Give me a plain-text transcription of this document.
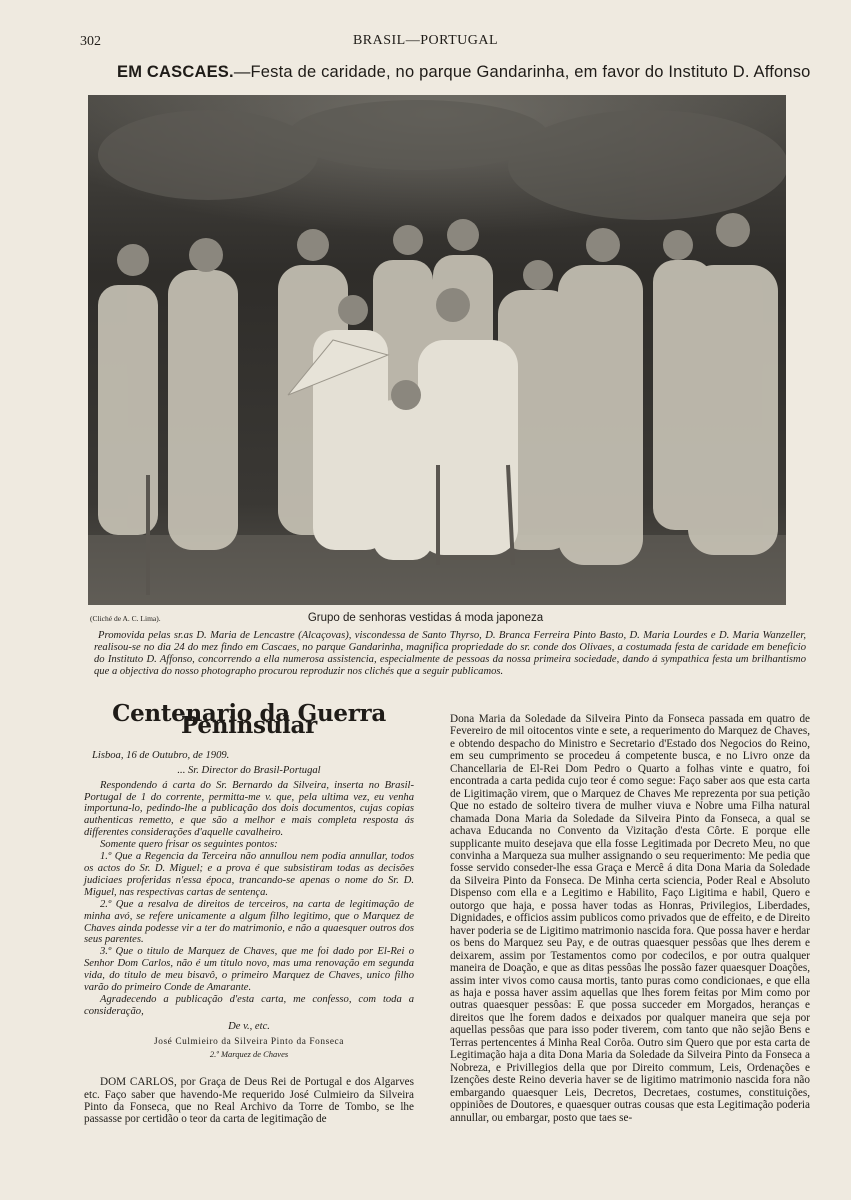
302	BRASIL—PORTUGAL
EM CASCAES.—Festa de caridade, no parque Gandarinha, em favor do Instituto D. Affonso
(Cliché de A. C. Lima).	Grupo de senhoras vestidas á moda japoneza

Promovida pelas sr.as D. Maria de Lencastre (Alcaçovas), viscondessa de Santo Thyrso, D. Branca Ferreira Pinto Basto, D. Maria Lourdes e D. Maria Wanzeller, realisou-se no dia 24 do mez findo em Cascaes, no parque Gandarinha, magnifica propriedade do sr. conde dos Olivaes, a costumada festa de caridade em beneficio do Instituto D. Affonso, concorrendo a ella numerosa assistencia, especialmente de pessoas da nossa primeira sociedade, dando á sympathica festa um brilhantismo que a objectiva do nosso photographo procurou reproduzir nos clichés que a seguir publicamos.

Centenario da Guerra Peninsular

Lisboa, 16 de Outubro, de 1909.

... Sr. Director do Brasil-Portugal

Respondendo á carta do Sr. Bernardo da Silveira, inserta no Brasil-Portugal de 1 do corrente, permitta-me v. que, pela ultima vez, eu venha importuna-lo, pedindo-lhe a publicação dos dois documentos, cujas copias authenticas remetto, e que são a melhor e mais completa resposta ás differentes considerações d'aquelle cavalheiro.

Somente quero frisar os seguintes pontos:

1.º Que a Regencia da Terceira não annullou nem podia annullar, todos os actos do Sr. D. Miguel; e a prova é que subsistiram todas as decisões judiciaes proferidas n'essa época, trancando-se apenas o nome do Sr. D. Miguel, nas respectivas cartas de sentença.

2.º Que a resalva de direitos de terceiros, na carta de legitimação de minha avó, se refere unicamente a algum filho legitimo, que o Marquez de Chaves ainda podesse vir a ter do matrimonio, e não a quaesquer outros dos seus parentes.

3.º Que o titulo de Marquez de Chaves, que me foi dado por El-Rei o Senhor Dom Carlos, não é um titulo novo, mas uma renovação em segunda vida, do titulo de meu bisavô, o primeiro Marquez de Chaves, unico filho varão do primeiro Conde de Amarante.

Agradecendo a publicação d'esta carta, me confesso, com toda a consideração,

De v., etc.

José Culmieiro da Silveira Pinto da Fonseca

2.º Marquez de Chaves

DOM CARLOS, por Graça de Deus Rei de Portugal e dos Algarves etc. Faço saber que havendo-Me requerido José Culmieiro da Silveira Pinto da Fonseca, que no Real Archivo da Torre de Tombo, se lhe passasse por certidão o teor da carta de legitimação de

Dona Maria da Soledade da Silveira Pinto da Fonseca passada em quatro de Fevereiro de mil oitocentos vinte e sete, a requerimento do Marquez de Chaves, e obtendo despacho do Ministro e Secretario d'Estado dos Negocios do Reino, em seu cumprimento se procedeu á competente busca, e no Livro onze da Chancellaria de El-Rei Dom Pedro o Quarto a folhas vinte e quatro, foi encontrada a carta pedida cujo teor é como segue: Faço saber aos que esta carta de Ligitimação virem, que o Marquez de Chaves Me reprezenta por sua petição Que no estado de solteiro tivera de mulher viuva e Nobre uma Filha natural chamada Dona Maria da Soledade da Silveira Pinto da Fonseca, a qual se achava Educanda no Convento da Vizitação d'esta Côrte. E porque elle supplicante muito desejava que ella fosse Legitimada por Decreto Meu, no que convinha a Marqueza sua mulher assignando o seu requerimento: Me pedia que fosse servido conseder-lhe essa Graça e Mercê á dita Dona Maria da Soledade da Silveira Pinto da Fonseca. De Minha certa sciencia, Poder Real e Absoluto Dispenso com ella e a Legitimo e Habilito, Faço Ligitima e habil, Quero e outorgo que haja, e possa haver todas as Honras, Privilegios, Liberdades, Dignidades, e officios assim publicos como privados que de effeito, e de Direito haver poderia se de Ligitimo matrimonio nascida fora. Que possa haver e herdar os bens do Marquez seu Pay, e de outras quaesquer pessôas que lhes derem e deixarem, assim por Testamentos como por codecilos, e por outra qualquer maneira de Doação, e que as ditas pessôas lhe possão fazer quaesquer Doações, assim inter vivos como causa mortis, tanto puras como condicionaes, e que ella as haja e possa haver assim aquellas que lhes forem feitas por Mim como por outras quaesquer pessôas: E que possa succeder em Morgados, heranças e direitos que lhe forem dados e deixados por qualquer maneira que seja por aquellas pessôas que para isso poder tiverem, com tanto que não sejão Bens e Terras pertencentes á Minha Real Corôa. Outro sim Quero que por esta carta de Legitimação haja a dita Dona Maria da Soledade da Silveira Pinto da Fonseca a Nobreza, e Privillegios della que por Direito commum, Leis, Ordenações e Izenções deste Reino deveria haver se de ligitimo matrimonio nascida fora não embargando quaesquer Leis, Decretos, Decretaes, costumes, constituições, oppiniões de Doutores, e quaesquer outras cousas que esta Legitimação poderia annullar, ou embargar, posto que taes se-
